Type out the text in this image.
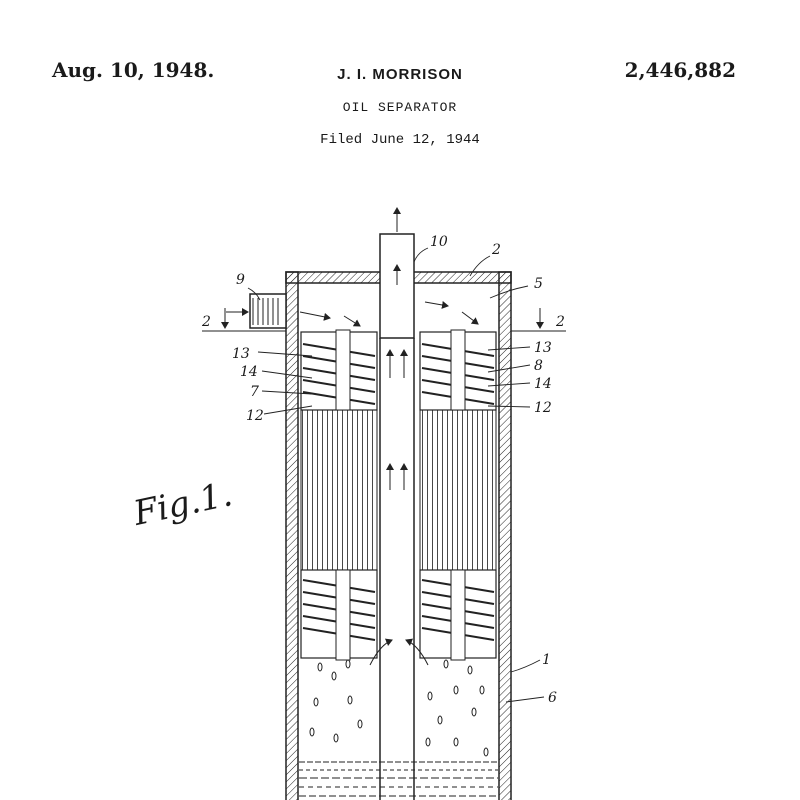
Aug. 10, 1948.	J. I. MORRISON	2,446,882
OIL SEPARATOR
Filed June 12, 1944
2	2
10	2
9	5
13
14
7
12
13
8
14
12
1
6
Fig.1.
